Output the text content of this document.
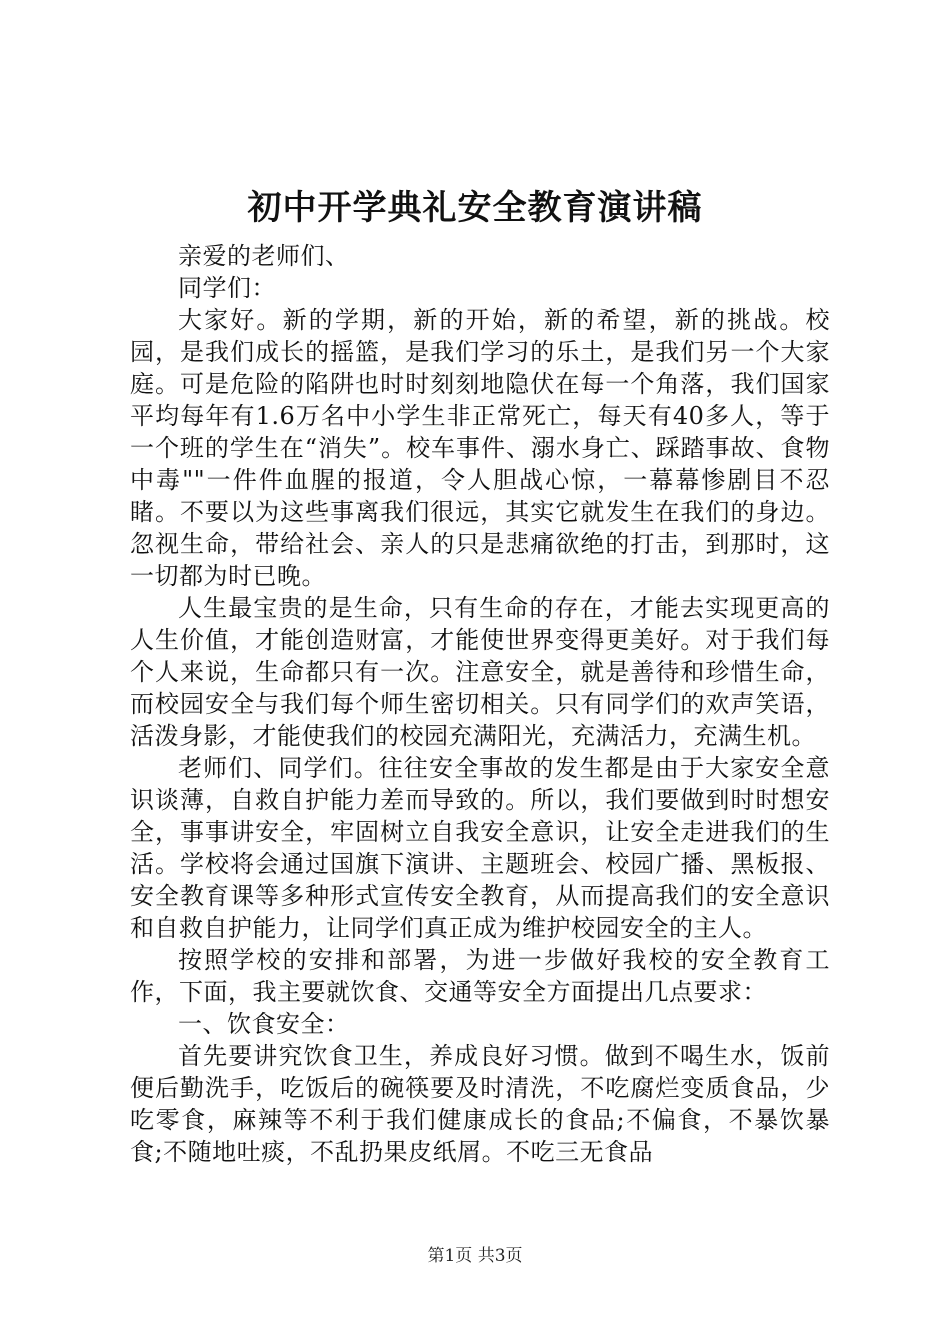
初中开学典礼安全教育演讲稿

亲爱的老师们、

同学们：

大家好。新的学期，新的开始，新的希望，新的挑战。校园，是我们成长的摇篮，是我们学习的乐土，是我们另一个大家庭。可是危险的陷阱也时时刻刻地隐伏在每一个角落，我们国家平均每年有1.6万名中小学生非正常死亡，每天有40多人，等于一个班的学生在“消失”。校车事件、溺水身亡、踩踏事故、食物中毒""一件件血腥的报道，令人胆战心惊，一幕幕惨剧目不忍睹。不要以为这些事离我们很远，其实它就发生在我们的身边。忽视生命，带给社会、亲人的只是悲痛欲绝的打击，到那时，这一切都为时已晚。

人生最宝贵的是生命，只有生命的存在，才能去实现更高的人生价值，才能创造财富，才能使世界变得更美好。对于我们每个人来说，生命都只有一次。注意安全，就是善待和珍惜生命，而校园安全与我们每个师生密切相关。只有同学们的欢声笑语，活泼身影，才能使我们的校园充满阳光，充满活力，充满生机。

老师们、同学们。往往安全事故的发生都是由于大家安全意识谈薄，自救自护能力差而导致的。所以，我们要做到时时想安全，事事讲安全，牢固树立自我安全意识，让安全走进我们的生活。学校将会通过国旗下演讲、主题班会、校园广播、黑板报、安全教育课等多种形式宣传安全教育，从而提高我们的安全意识和自救自护能力，让同学们真正成为维护校园安全的主人。

按照学校的安排和部署，为进一步做好我校的安全教育工作，下面，我主要就饮食、交通等安全方面提出几点要求：

一、饮食安全：

首先要讲究饮食卫生，养成良好习惯。做到不喝生水，饭前便后勤洗手，吃饭后的碗筷要及时清洗，不吃腐烂变质食品，少吃零食，麻辣等不利于我们健康成长的食品;不偏食，不暴饮暴食;不随地吐痰，不乱扔果皮纸屑。不吃三无食品

第1页 共3页
